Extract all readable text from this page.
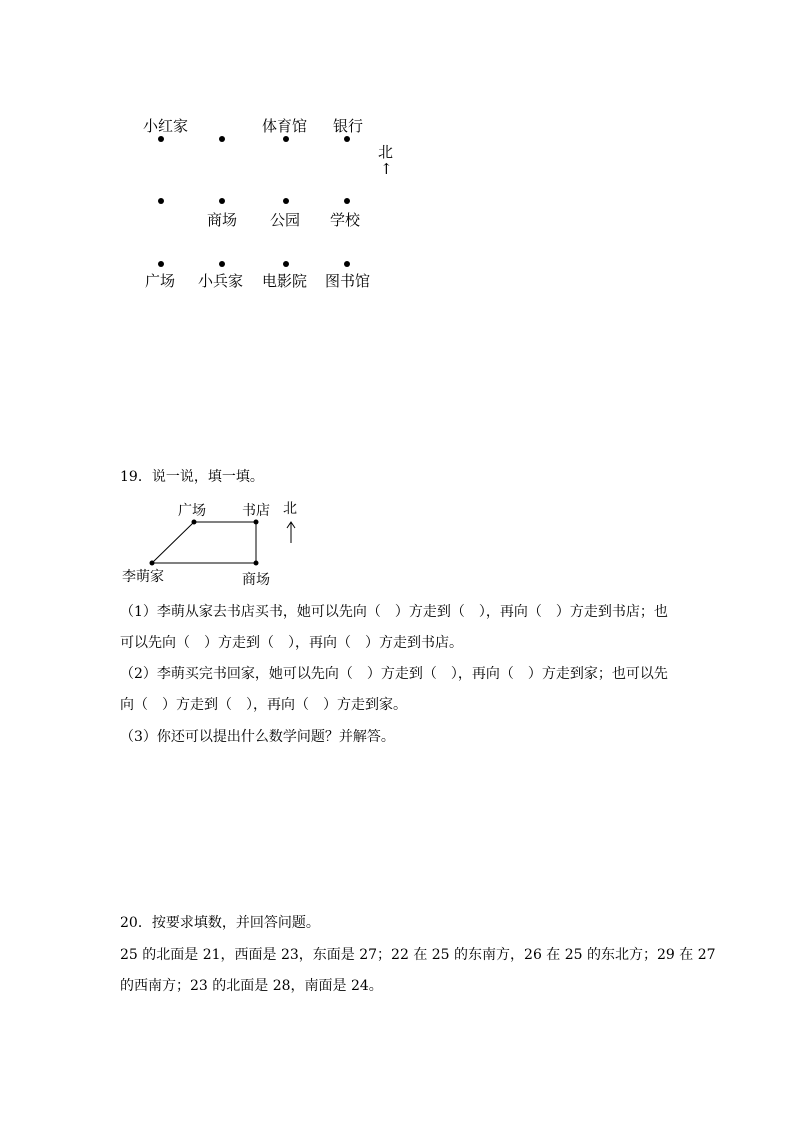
小红家	体育馆 银行
北
↑
商场 公园 学校
广场 小兵家 电影院 图书馆
19．说一说，填一填。
广场	书店
李萌家	商场
北
（1）李萌从家去书店买书，她可以先向（　）方走到（　），再向（　）方走到书店；也
可以先向（　）方走到（　），再向（　）方走到书店。
（2）李萌买完书回家，她可以先向（　）方走到（　），再向（　）方走到家；也可以先
向（　）方走到（　），再向（　）方走到家。
（3）你还可以提出什么数学问题？并解答。
20．按要求填数，并回答问题。
25 的北面是 21，西面是 23，东面是 27；22 在 25 的东南方，26 在 25 的东北方；29 在 27
的西南方；23 的北面是 28，南面是 24。
